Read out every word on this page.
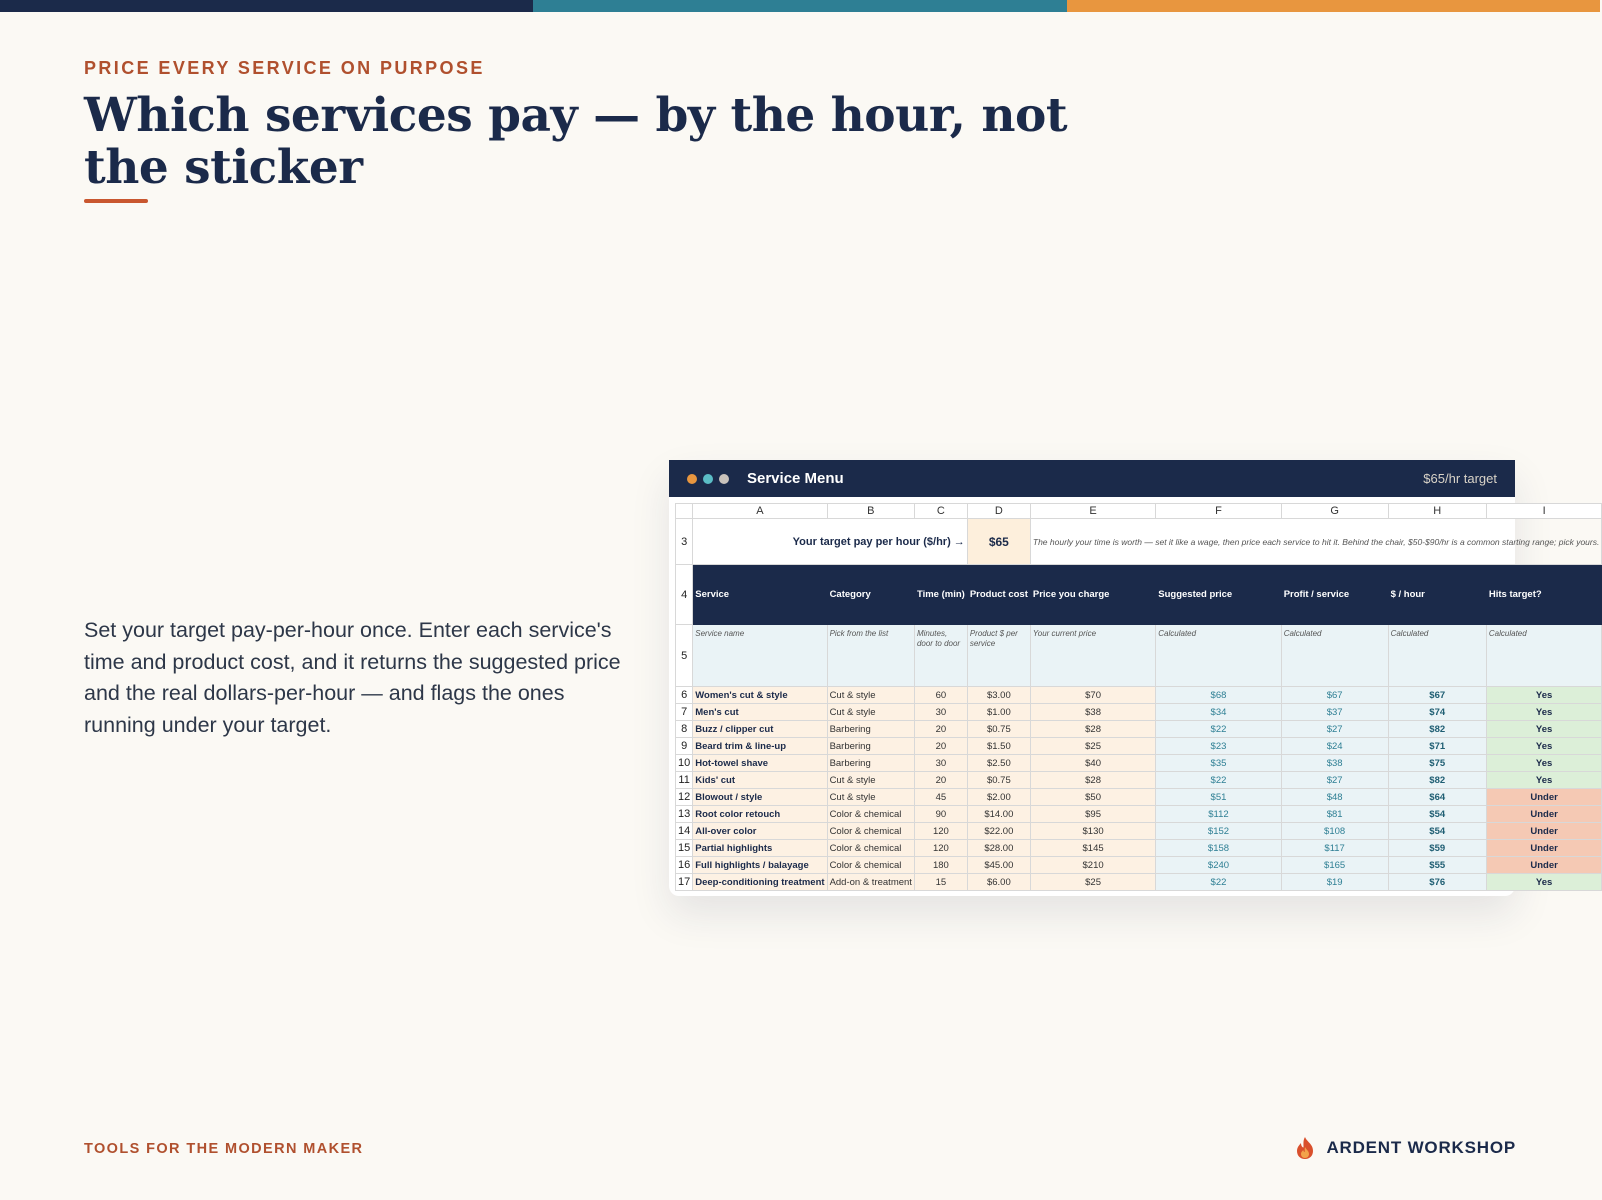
PRICE EVERY SERVICE ON PURPOSE
Which services pay — by the hour, not the sticker

Set your target pay-per-hour once. Enter each service's time and product cost, and it returns the suggested price and the real dollars-per-hour — and flags the ones running under your target.

Service Menu	$65/hr target
	A	B	C	D	E	F	G	H	I
3	Your target pay per hour ($/hr) →			$65	The hourly your time is worth — set it like a wage, then price each service to hit it. Behind the chair, $50-$90/hr is a common starting range; pick yours.				
4	Service	Category	Time (min)	Product cost	Price you charge	Suggested price	Profit / service	$ / hour	Hits target?
5	Service name	Pick from the list	Minutes, door to door	Product $ per service	Your current price	Calculated	Calculated	Calculated	Calculated
6	Women's cut & style	Cut & style	60	$3.00	$70	$68	$67	$67	Yes
7	Men's cut	Cut & style	30	$1.00	$38	$34	$37	$74	Yes
8	Buzz / clipper cut	Barbering	20	$0.75	$28	$22	$27	$82	Yes
9	Beard trim & line-up	Barbering	20	$1.50	$25	$23	$24	$71	Yes
10	Hot-towel shave	Barbering	30	$2.50	$40	$35	$38	$75	Yes
11	Kids' cut	Cut & style	20	$0.75	$28	$22	$27	$82	Yes
12	Blowout / style	Cut & style	45	$2.00	$50	$51	$48	$64	Under
13	Root color retouch	Color & chemical	90	$14.00	$95	$112	$81	$54	Under
14	All-over color	Color & chemical	120	$22.00	$130	$152	$108	$54	Under
15	Partial highlights	Color & chemical	120	$28.00	$145	$158	$117	$59	Under
16	Full highlights / balayage	Color & chemical	180	$45.00	$210	$240	$165	$55	Under
17	Deep-conditioning treatment	Add-on & treatment	15	$6.00	$25	$22	$19	$76	Yes
TOOLS FOR THE MODERN MAKER	ARDENT WORKSHOP
